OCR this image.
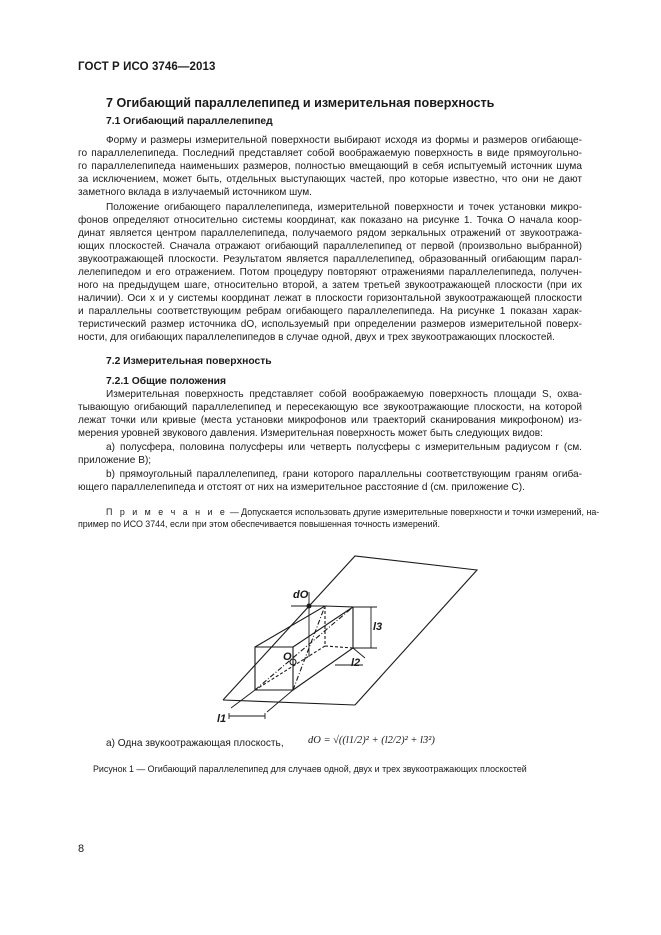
ГОСТ Р ИСО 3746—2013
7 Огибающий параллелепипед и измерительная поверхность
7.1 Огибающий параллелепипед
Форму и размеры измерительной поверхности выбирают исходя из формы и размеров огибающе-
го параллелепипеда. Последний представляет собой воображаемую поверхность в виде прямоугольно-
го параллелепипеда наименьших размеров, полностью вмещающий в себя испытуемый источник шума
за исключением, может быть, отдельных выступающих частей, про которые известно, что они не дают
заметного вклада в излучаемый источником шум.
Положение огибающего параллелепипеда, измерительной поверхности и точек установки микро-
фонов определяют относительно системы координат, как показано на рисунке 1. Точка O начала коор-
динат является центром параллелепипеда, получаемого рядом зеркальных отражений от звукоотража-
ющих плоскостей. Сначала отражают огибающий параллелепипед от первой (произвольно выбранной)
звукоотражающей плоскости. Результатом является параллелепипед, образованный огибающим парал-
лелепипедом и его отражением. Потом процедуру повторяют отражениями параллелепипеда, получен-
ного на предыдущем шаге, относительно второй, а затем третьей звукоотражающей плоскости (при их
наличии). Оси x и y системы координат лежат в плоскости горизонтальной звукоотражающей плоскости
и параллельны соответствующим ребрам огибающего параллелепипеда. На рисунке 1 показан харак-
теристический размер источника dO, используемый при определении размеров измерительной поверх-
ности, для огибающих параллелепипедов в случае одной, двух и трех звукоотражающих плоскостей.
7.2 Измерительная поверхность
7.2.1 Общие положения
Измерительная поверхность представляет собой воображаемую поверхность площади S, охва-
тывающую огибающий параллелепипед и пересекающую все звукоотражающие плоскости, на которой
лежат точки или кривые (места установки микрофонов или траекторий сканирования микрофоном) из-
мерения уровней звукового давления. Измерительная поверхность может быть следующих видов:
a) полусфера, половина полусферы или четверть полусферы с измерительным радиусом r (см.
приложение B);
b) прямоугольный параллелепипед, грани которого параллельны соответствующим граням огиба-
ющего параллелепипеда и отстоят от них на измерительное расстояние d (см. приложение C).
П р и м е ч а н и е — Допускается использовать другие измерительные поверхности и точки измерений, на-
пример по ИСО 3744, если при этом обеспечивается повышенная точность измерений.
dO
l3
l2
l1
O
а) Одна звукоотражающая плоскость, dO = √((l1/2)² + (l2/2)² + l3²)
Рисунок 1 — Огибающий параллелепипед для случаев одной, двух и трех звукоотражающих плоскостей
8
